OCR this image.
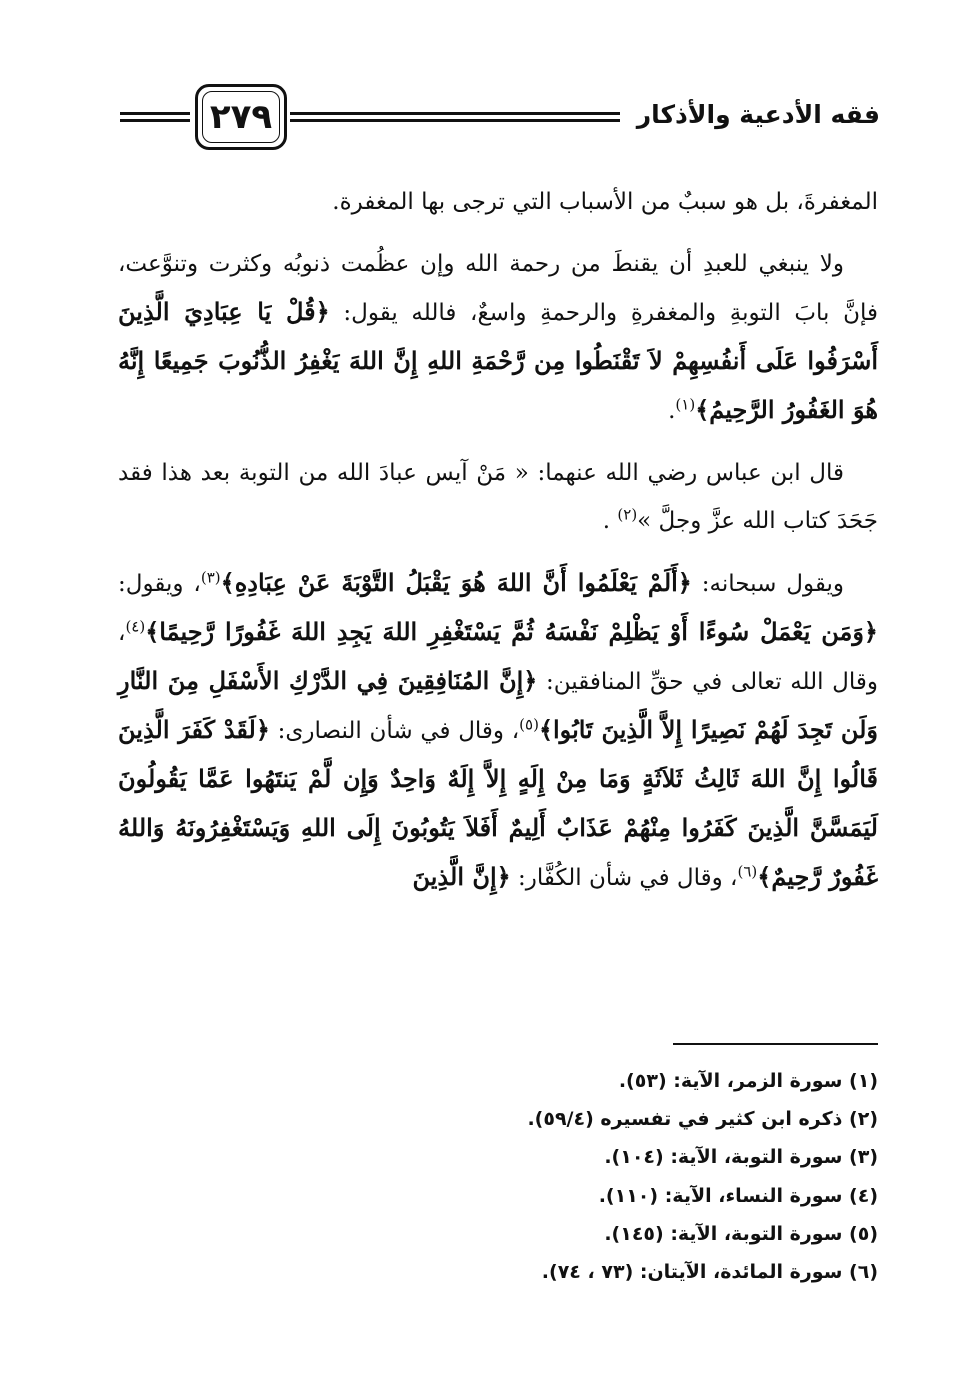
٢٧٩	فقه الأدعية والأذكار

المغفرةَ، بل هو سببٌ من الأسباب التي ترجى بها المغفرة.

ولا ينبغي للعبدِ أن يقنطَ من رحمة الله وإن عظُمت ذنوبُه وكثرت وتنوَّعت، فإنَّ بابَ التوبةِ والمغفرةِ والرحمةِ واسعٌ، فالله يقول: ﴿قُلْ يَا عِبَادِيَ الَّذِينَ أَسْرَفُوا عَلَى أَنفُسِهِمْ لاَ تَقْنَطُوا مِن رَّحْمَةِ اللهِ إِنَّ اللهَ يَغْفِرُ الذُّنُوبَ جَمِيعًا إِنَّهُ هُوَ الغَفُورُ الرَّحِيمُ﴾$^{(١)}$.

قال ابن عباس رضي الله عنهما: « مَنْ آيس عبادَ الله من التوبة بعد هذا فقد جَحَدَ كتاب الله عزَّ وجلَّ »$^{(٢)}$ .

ويقول سبحانه: ﴿أَلَمْ يَعْلَمُوا أَنَّ اللهَ هُوَ يَقْبَلُ التَّوْبَةَ عَنْ عِبَادِهِ﴾$^{(٣)}$، ويقول: ﴿وَمَن يَعْمَلْ سُوءًا أَوْ يَظْلِمْ نَفْسَهُ ثُمَّ يَسْتَغْفِرِ اللهَ يَجِدِ اللهَ غَفُورًا رَّحِيمًا﴾$^{(٤)}$، وقال الله تعالى في حقِّ المنافقين: ﴿إِنَّ المُنَافِقِينَ فِي الدَّرْكِ الأَسْفَلِ مِنَ النَّارِ وَلَن تَجِدَ لَهُمْ نَصِيرًا إِلاَّ الَّذِينَ تَابُوا﴾$^{(٥)}$، وقال في شأن النصارى: ﴿لَقَدْ كَفَرَ الَّذِينَ قَالُوا إِنَّ اللهَ ثَالِثُ ثَلاَثَةٍ وَمَا مِنْ إِلَهٍ إِلاَّ إِلَهٌ وَاحِدٌ وَإِن لَّمْ يَنتَهُوا عَمَّا يَقُولُونَ لَيَمَسَّنَّ الَّذِينَ كَفَرُوا مِنْهُمْ عَذَابٌ أَلِيمٌ أَفَلاَ يَتُوبُونَ إِلَى اللهِ وَيَسْتَغْفِرُونَهُ وَاللهُ غَفُورٌ رَّحِيمٌ﴾$^{(٦)}$، وقال في شأن الكُفَّار: ﴿إِنَّ الَّذِينَ

(١) سورة الزمر، الآية: (٥٣).
(٢) ذكره ابن كثير في تفسيره (٥٩/٤).
(٣) سورة التوبة، الآية: (١٠٤).
(٤) سورة النساء، الآية: (١١٠).
(٥) سورة التوبة، الآية: (١٤٥).
(٦) سورة المائدة، الآيتان: (٧٣ ، ٧٤).
